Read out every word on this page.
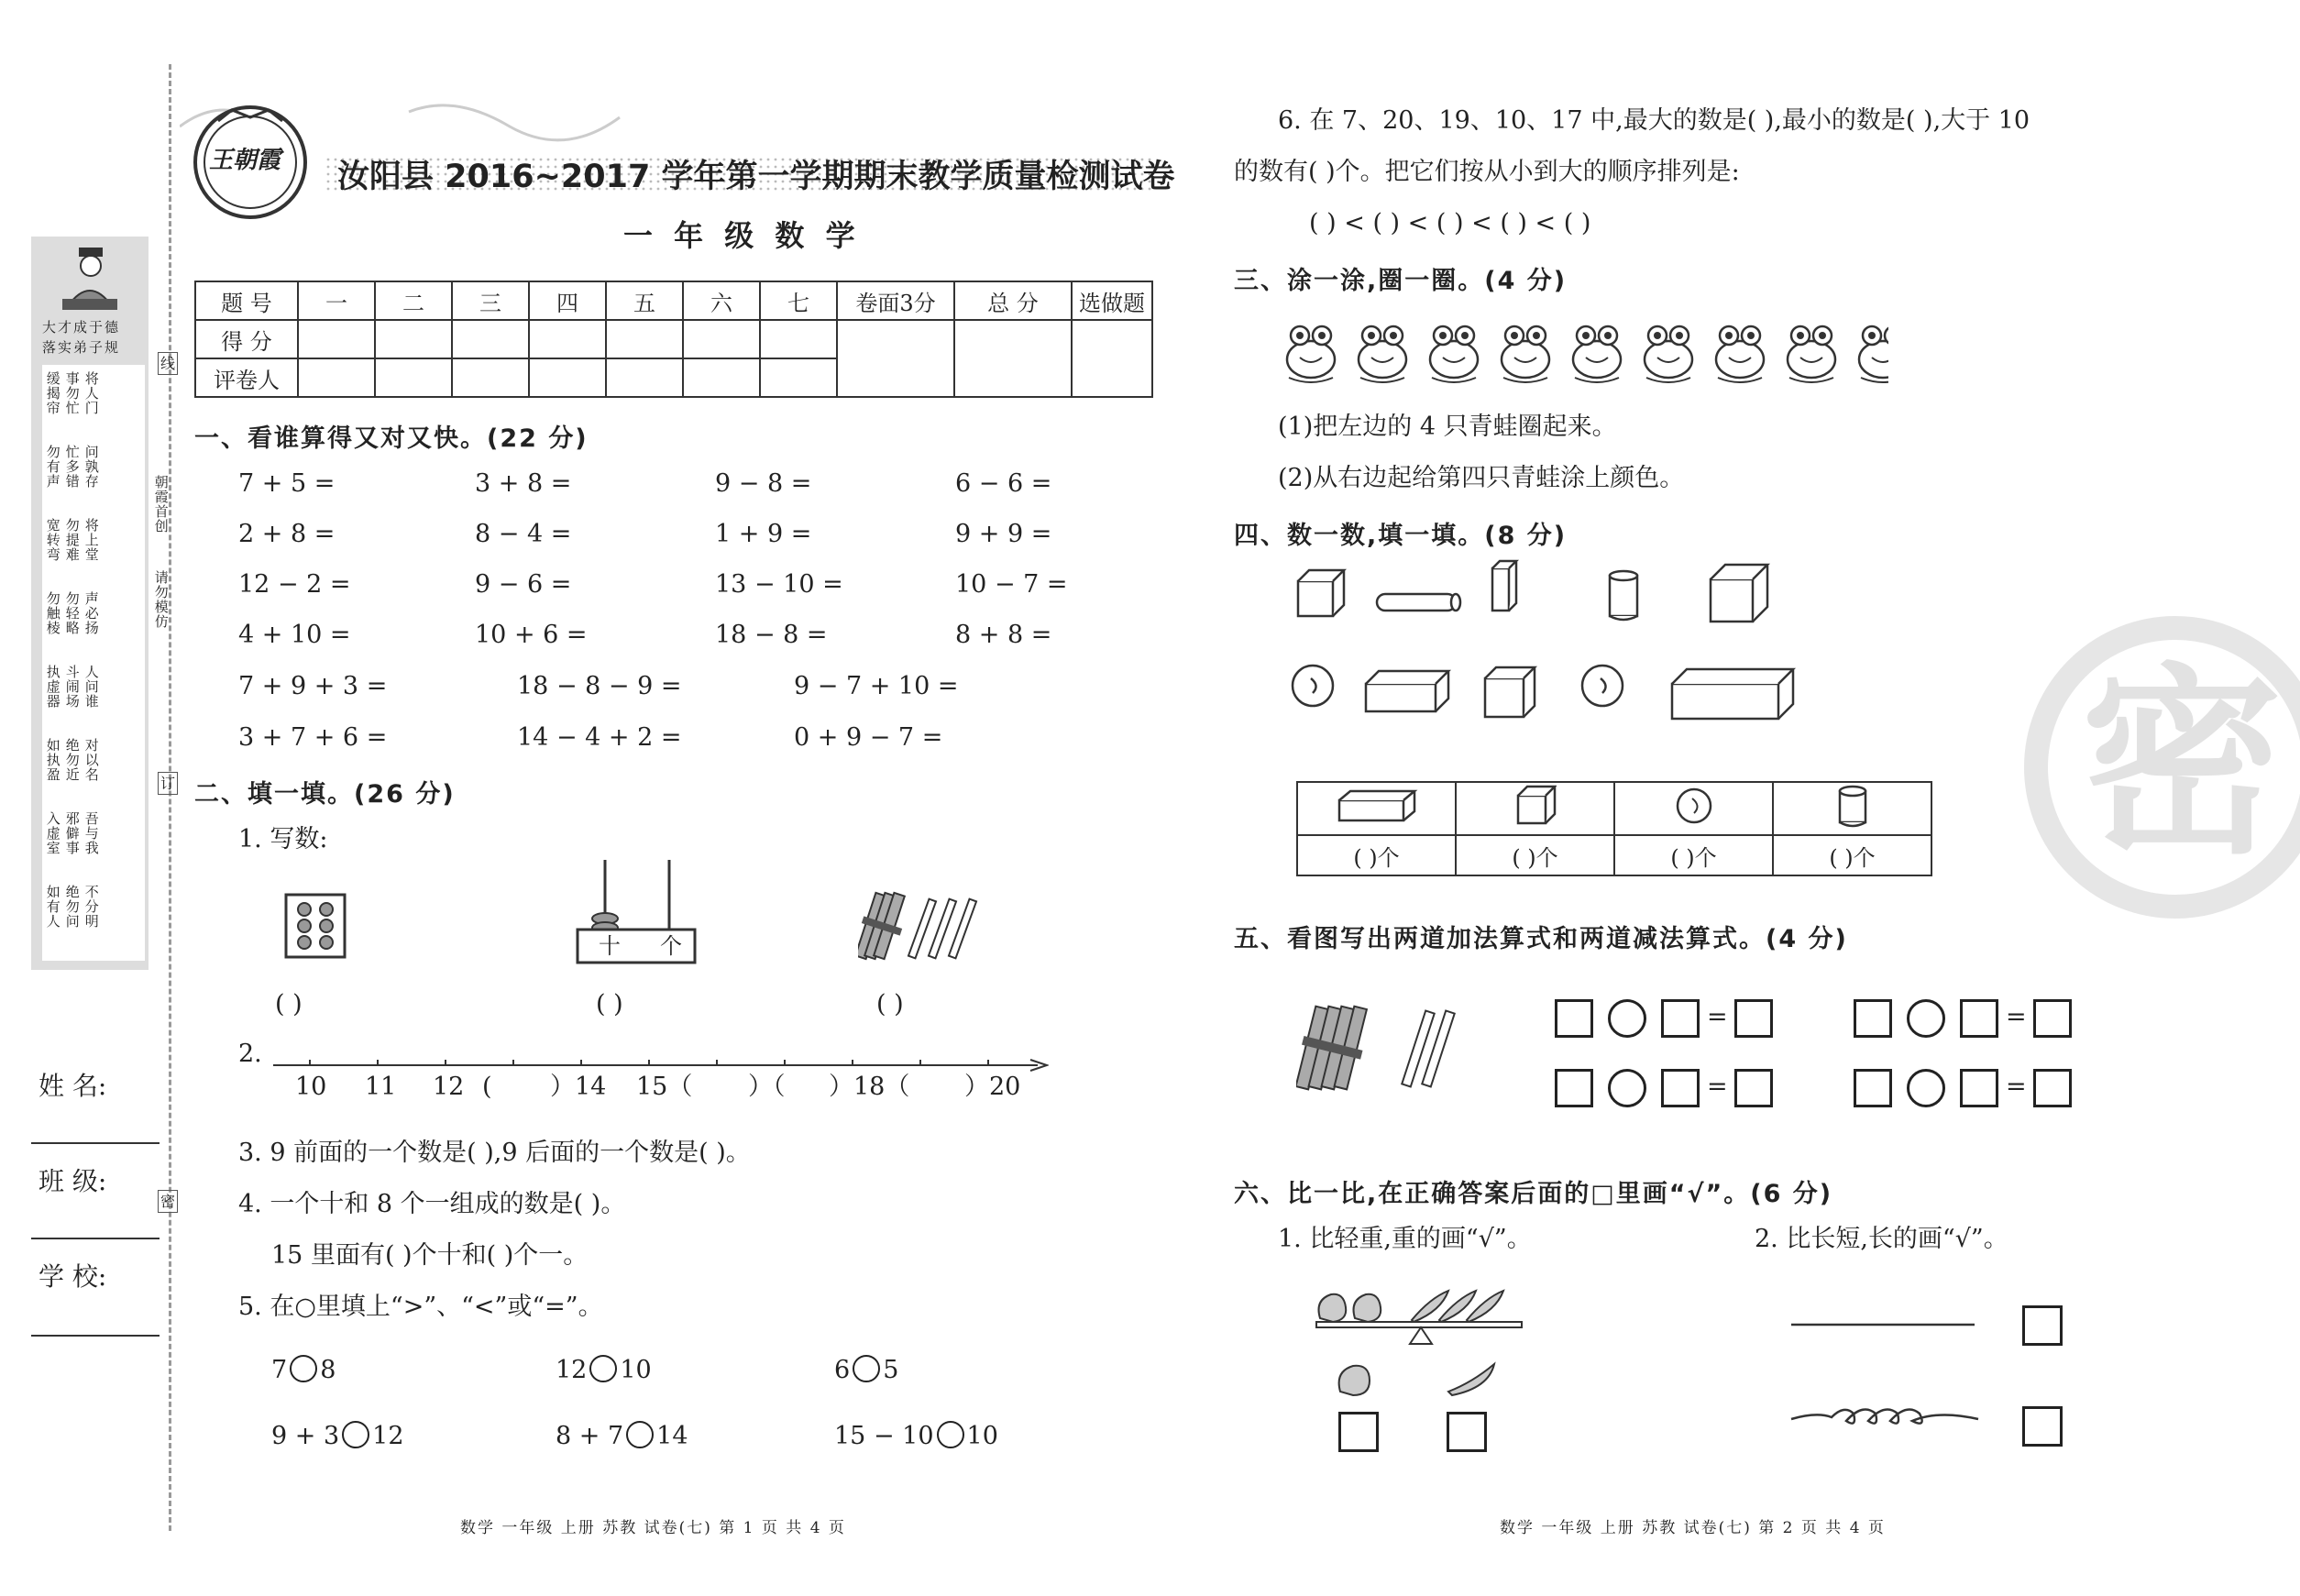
大才成于德
落实弟子规
将人门
事勿忙
缓揭帘
问孰存
忙多错
勿有声
将上堂
勿提难
宽转弯
声必扬
勿轻略
勿触棱
人问谁
斗闹场
执虚器
对以名
绝勿近
如执盈
吾与我
邪僻事
入虚室
不分明
绝勿问
如有人
朝霞首创
请勿模仿
线
订
密
姓 名:
班 级:
学 校:
王朝霞 汝阳县 2016~2017 学年第一学期期末教学质量检测试卷
一 年 级 数 学
题 号	一	二	三	四	五	六	七	卷面3分	总 分	选做题
得 分										
评卷人										
一、看谁算得又对又快。(22 分)
7 + 5 =	3 + 8 =	9 − 8 =	6 − 6 =
2 + 8 =	8 − 4 =	1 + 9 =	9 + 9 =
12 − 2 =	9 − 6 =	13 − 10 =	10 − 7 =
4 + 10 =	10 + 6 =	18 − 8 =	8 + 8 =
7 + 9 + 3 =	18 − 8 − 9 =	9 − 7 + 10 =
3 + 7 + 6 =	14 − 4 + 2 =	0 + 9 − 7 =
二、填一填。(26 分)
1. 写数:
( )
十 个
( )	( )
2.
10 11 12 ( ）14 15（ ）（ ）18（ ）20
3. 9 前面的一个数是( ),9 后面的一个数是( )。
4. 一个十和 8 个一组成的数是( )。
15 里面有( )个十和( )个一。
5. 在○里填上“>”、“<”或“=”。
7 8	12 10	6 5
9 + 3 12	8 + 7 14	15 − 10 10
数学 一年级 上册 苏教 试卷(七) 第 1 页 共 4 页
6. 在 7、20、19、10、17 中,最大的数是( ),最小的数是( ),大于 10
的数有( )个。把它们按从小到大的顺序排列是:
( ) < ( ) < ( ) < ( ) < ( )
三、涂一涂,圈一圈。(4 分)
(1)把左边的 4 只青蛙圈起来。
(2)从右边起给第四只青蛙涂上颜色。
四、数一数,填一填。(8 分)

( )个	( )个	( )个	( )个
五、看图写出两道加法算式和两道减法算式。(4 分)
=	=
=	=
六、比一比,在正确答案后面的□里画“√”。(6 分)
1. 比轻重,重的画“√”。	2. 比长短,长的画“√”。
数学 一年级 上册 苏教 试卷(七) 第 2 页 共 4 页
密
